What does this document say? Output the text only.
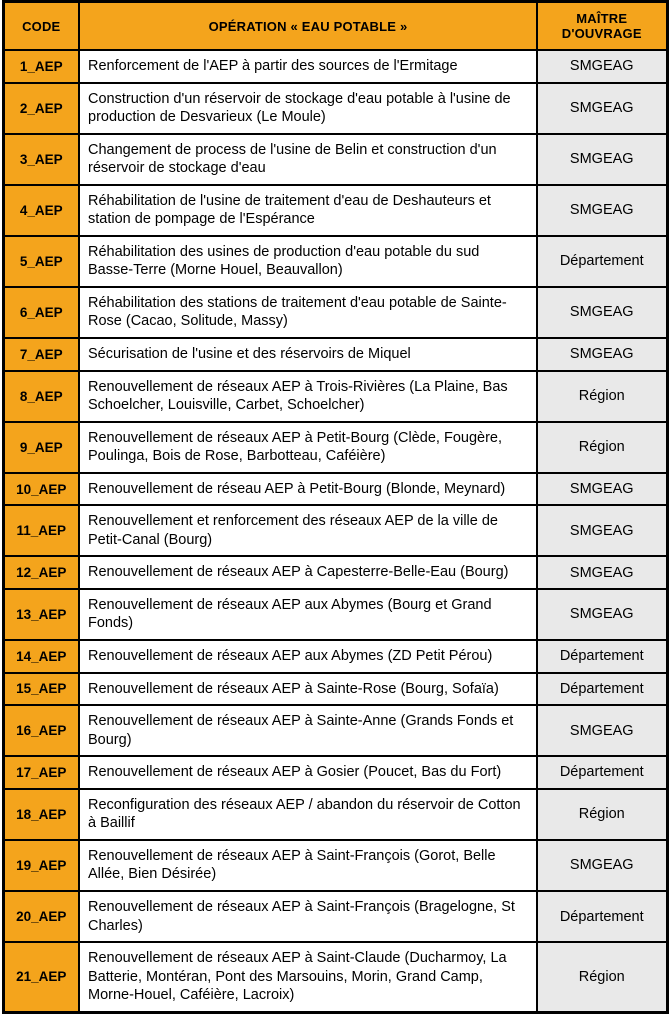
CODE	OPÉRATION « EAU POTABLE »	MAÎTRE D'OUVRAGE
1_AEP	Renforcement de l'AEP à partir des sources de l'Ermitage	SMGEAG
2_AEP	Construction d'un réservoir de stockage d'eau potable à l'usine de production de Desvarieux (Le Moule)	SMGEAG
3_AEP	Changement de process de l'usine de Belin et construction d'un réservoir de stockage d'eau	SMGEAG
4_AEP	Réhabilitation de l'usine de traitement d'eau de Deshauteurs et station de pompage de l'Espérance	SMGEAG
5_AEP	Réhabilitation des usines de production d'eau potable du sud Basse-Terre (Morne Houel, Beauvallon)	Département
6_AEP	Réhabilitation des stations de traitement d'eau potable de Sainte-Rose (Cacao, Solitude, Massy)	SMGEAG
7_AEP	Sécurisation de l'usine et des réservoirs de Miquel	SMGEAG
8_AEP	Renouvellement de réseaux AEP à Trois-Rivières (La Plaine, Bas Schoelcher, Louisville, Carbet, Schoelcher)	Région
9_AEP	Renouvellement de réseaux AEP à Petit-Bourg (Clède, Fougère, Poulinga, Bois de Rose, Barbotteau, Caféière)	Région
10_AEP	Renouvellement de réseau AEP à Petit-Bourg (Blonde, Meynard)	SMGEAG
11_AEP	Renouvellement et renforcement des réseaux AEP de la ville de Petit-Canal (Bourg)	SMGEAG
12_AEP	Renouvellement de réseaux AEP à Capesterre-Belle-Eau (Bourg)	SMGEAG
13_AEP	Renouvellement de réseaux AEP aux Abymes (Bourg et Grand Fonds)	SMGEAG
14_AEP	Renouvellement de réseaux AEP aux Abymes (ZD Petit Pérou)	Département
15_AEP	Renouvellement de réseaux AEP à Sainte-Rose (Bourg, Sofaïa)	Département
16_AEP	Renouvellement de réseaux AEP à Sainte-Anne (Grands Fonds et Bourg)	SMGEAG
17_AEP	Renouvellement de réseaux AEP à Gosier (Poucet, Bas du Fort)	Département
18_AEP	Reconfiguration des réseaux AEP / abandon du réservoir de Cotton à Baillif	Région
19_AEP	Renouvellement de réseaux AEP à Saint-François (Gorot, Belle Allée, Bien Désirée)	SMGEAG
20_AEP	Renouvellement de réseaux AEP à Saint-François (Bragelogne, St Charles)	Département
21_AEP	Renouvellement de réseaux AEP à Saint-Claude (Ducharmoy, La Batterie, Montéran, Pont des Marsouins, Morin, Grand Camp, Morne-Houel, Caféière, Lacroix)	Région
